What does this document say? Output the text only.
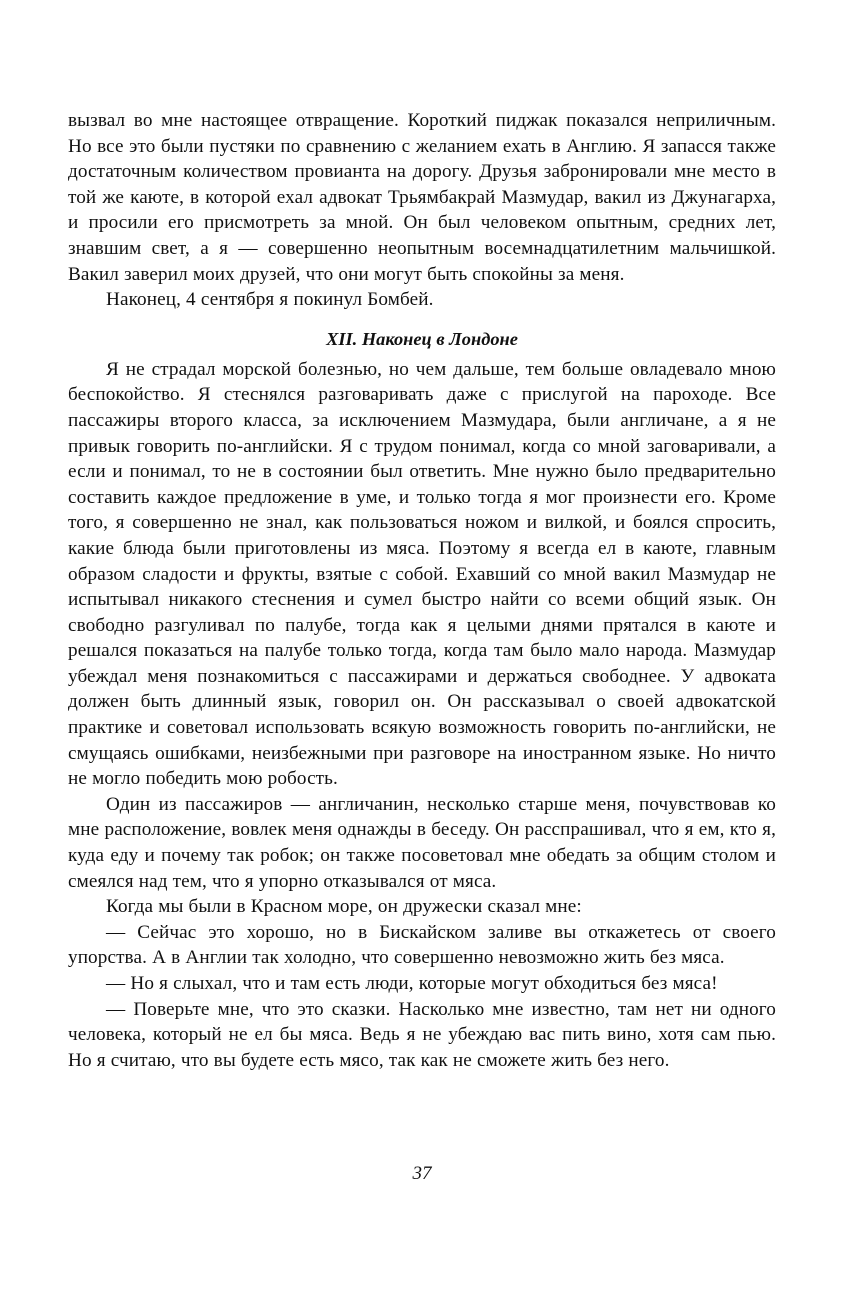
вызвал во мне настоящее отвращение. Короткий пиджак показался неприличным. Но все это были пустяки по сравнению с желанием ехать в Англию. Я запасся также достаточным количеством провианта на дорогу. Друзья забронировали мне место в той же каюте, в которой ехал адвокат Трьямбакрай Мазмудар, вакил из Джунагарха, и просили его присмотреть за мной. Он был человеком опытным, средних лет, знавшим свет, а я — совершенно неопытным восемнадцатилетним мальчишкой. Вакил заверил моих друзей, что они могут быть спокойны за меня.

Наконец, 4 сентября я покинул Бомбей.

XII. Наконец в Лондоне

Я не страдал морской болезнью, но чем дальше, тем больше овладевало мною беспокойство. Я стеснялся разговаривать даже с прислугой на пароходе. Все пассажиры второго класса, за исключением Мазмудара, были англичане, а я не привык говорить по-английски. Я с трудом понимал, когда со мной заговаривали, а если и понимал, то не в состоянии был ответить. Мне нужно было предварительно составить каждое предложение в уме, и только тогда я мог произнести его. Кроме того, я совершенно не знал, как пользоваться ножом и вилкой, и боялся спросить, какие блюда были приготовлены из мяса. Поэтому я всегда ел в каюте, главным образом сладости и фрукты, взятые с собой. Ехавший со мной вакил Мазмудар не испытывал никакого стеснения и сумел быстро найти со всеми общий язык. Он свободно разгуливал по палубе, тогда как я целыми днями прятался в каюте и решался показаться на палубе только тогда, когда там было мало народа. Мазмудар убеждал меня познакомиться с пассажирами и держаться свободнее. У адвоката должен быть длинный язык, говорил он. Он рассказывал о своей адвокатской практике и советовал использовать всякую возможность говорить по-английски, не смущаясь ошибками, неизбежными при разговоре на иностранном языке. Но ничто не могло победить мою робость.

Один из пассажиров — англичанин, несколько старше меня, почувствовав ко мне расположение, вовлек меня однажды в беседу. Он расспрашивал, что я ем, кто я, куда еду и почему так робок; он также посоветовал мне обедать за общим столом и смеялся над тем, что я упорно отказывался от мяса.

Когда мы были в Красном море, он дружески сказал мне:

— Сейчас это хорошо, но в Бискайском заливе вы откажетесь от своего упорства. А в Англии так холодно, что совершенно невозможно жить без мяса.

— Но я слыхал, что и там есть люди, которые могут обходиться без мяса!

— Поверьте мне, что это сказки. Насколько мне известно, там нет ни одного человека, который не ел бы мяса. Ведь я не убеждаю вас пить вино, хотя сам пью. Но я считаю, что вы будете есть мясо, так как не сможете жить без него.

37
